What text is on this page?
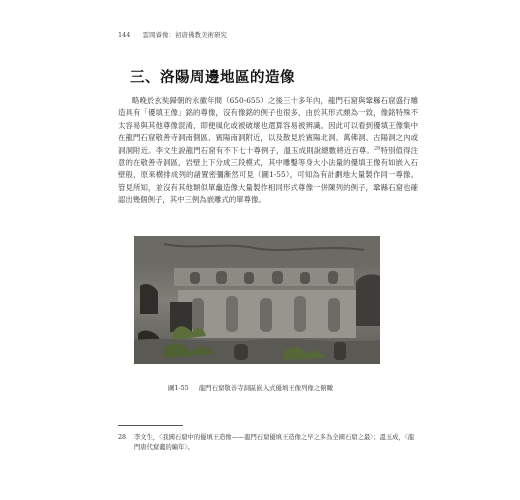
144 雲岡睿像：初唐佛教美術研究
三、洛陽周邊地區的造像
略晚於玄奘歸朝的永徽年間（650-655）之後三十多年內，龍門石窟與鞏縣石窟盛行雕造具有「優填王像」銘的尊像，沒有像銘的例子也很多，由於其形式頗為一致，像銘特殊不太容易與其他尊像混淆，即便風化或被破壞也還算容易被辨識。因此可以看到優填王像集中在龍門石窟敬善寺洞南側區、賓陽南洞附近，以及散見於賓陽北洞、萬佛洞、古陽洞之內或洞洞附近。李文生說龍門石窟有不下七十尊例子，溫玉成則說總數將近百尊。$^{28}$特別值得注意的在敬善寺洞區，岩壁上下分成三段模式，其中雕鑿等身大小法量的優填王像有如嵌入石壁般，原來横排成列的諸置密彌漸然可見（圖1-55），可知為有計劃地大量製作同一尊像。管見所知，並沒有其他類似單龕造像大量製作相同形式尊像一併陳列的例子，鞏縣石窟也確認出幾個例子，其中三例為嵌雕式的單尊像。
圖1-55 龍門石窟敬善寺洞區嵌入式優填王像列像之俯瞰
28 李文生，〈我國石窟中的優填王造像——龍門石窟優填王造像之早之多為全國石窟之最〉；溫玉成，〈龍門唐代窟龕的編年〉。
